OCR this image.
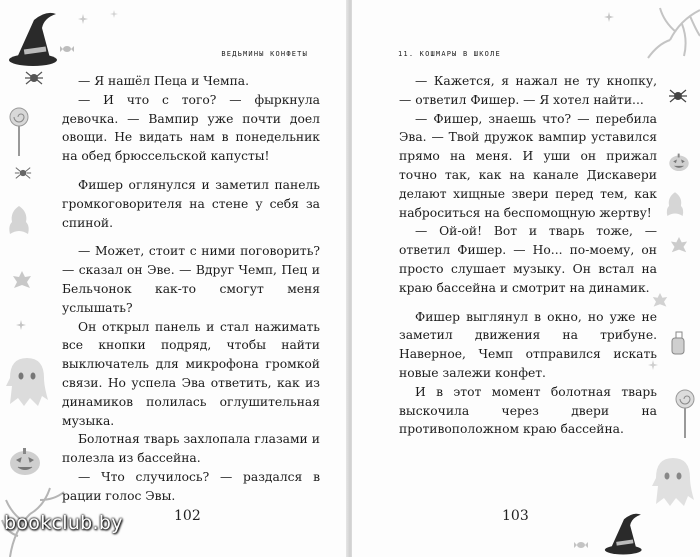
ВЕДЬМИНЫ КОНФЕТЫ

— Я нашёл Пеца и Чемпа.

— И что с того? — фыркнула девочка. — Вампир уже почти доел овощи. Не видать нам в понедельник на обед брюссельской капусты!

Фишер оглянулся и заметил панель громкоговорителя на стене у себя за спиной.

— Может, стоит с ними поговорить? — сказал он Эве. — Вдруг Чемп, Пец и Бельчонок как-то смогут меня услышать?

Он открыл панель и стал нажимать все кнопки подряд, чтобы найти выключатель для микрофона громкой связи. Но успела Эва ответить, как из динамиков полилась оглушительная музыка.

Болотная тварь захлопала глазами и полезла из бассейна.

— Что случилось? — раздался в рации голос Эвы.

102
11. КОШМАРЫ В ШКОЛЕ

— Кажется, я нажал не ту кнопку, — ответил Фишер. — Я хотел найти...

— Фишер, знаешь что? — перебила Эва. — Твой дружок вампир уставился прямо на меня. И уши он прижал точно так, как на канале Дискавери делают хищные звери перед тем, как наброситься на беспомощную жертву!

— Ой-ой! Вот и тварь тоже, — ответил Фишер. — Но... по-моему, он просто слушает музыку. Он встал на краю бассейна и смотрит на динамик.

Фишер выглянул в окно, но уже не заметил движения на трибуне. Наверное, Чемп отправился искать новые залежи конфет.

И в этот момент болотная тварь выскочила через двери на противоположном краю бассейна.

103
bookclub.by
